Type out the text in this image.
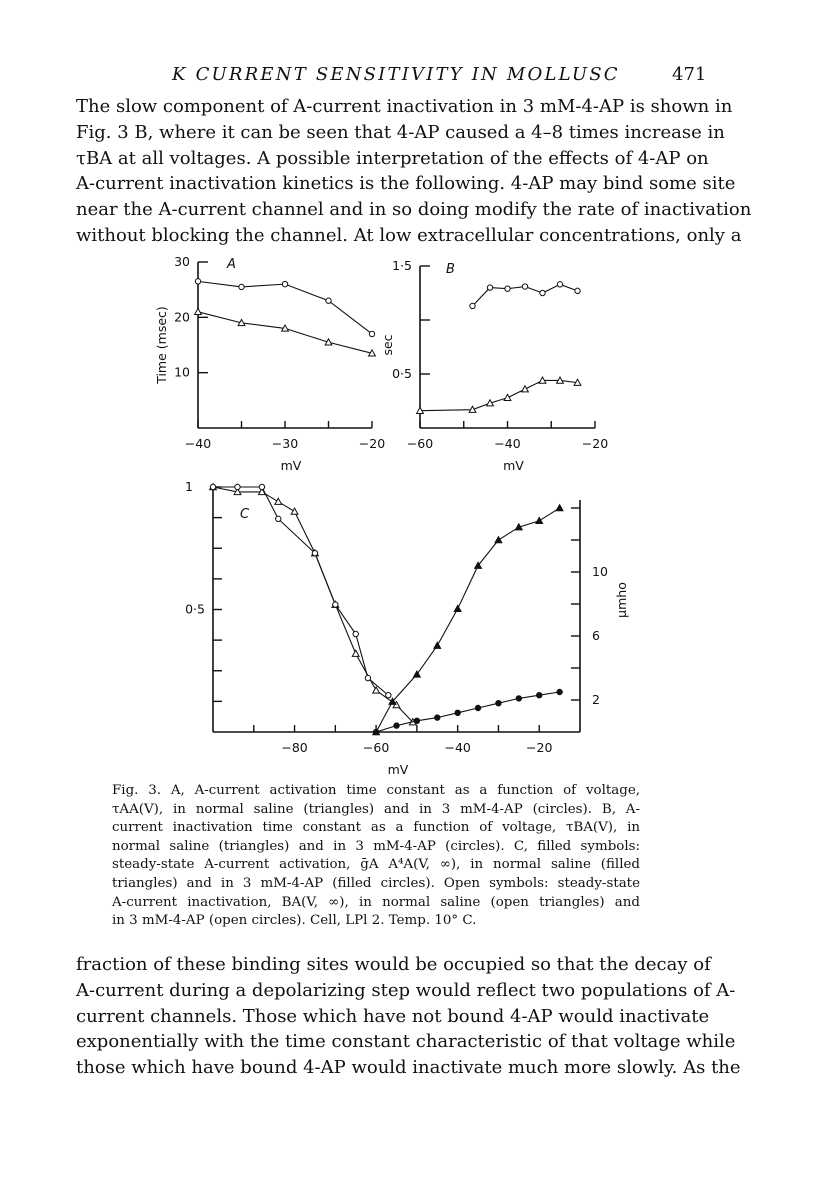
K CURRENT SENSITIVITY IN MOLLUSC	471
The slow component of A-current inactivation in 3 mM-4-AP is shown in
Fig. 3 B, where it can be seen that 4-AP caused a 4–8 times increase in
τBA at all voltages. A possible interpretation of the effects of 4-AP on
A-current inactivation kinetics is the following. 4-AP may bind some site
near the A-current channel and in so doing modify the rate of inactivation
without blocking the channel. At low extracellular concentrations, only a
−40	−30	−20
mV
10
20
30	A
Time (msec)
−60	−40	−20
mV
0·5
1·5	B
sec
−80	−60	−40	−20
mV
0·5
1
2
6
10
μmho
C
Fig. 3. A, A-current activation time constant as a function of voltage,
τAA(V), in normal saline (triangles) and in 3 mM-4-AP (circles). B, A-
current inactivation time constant as a function of voltage, τBA(V), in
normal saline (triangles) and in 3 mM-4-AP (circles). C, filled symbols:
steady-state A-current activation, ḡA A⁴A(V, ∞), in normal saline (filled
triangles) and in 3 mM-4-AP (filled circles). Open symbols: steady-state
A-current inactivation, BA(V, ∞), in normal saline (open triangles) and
in 3 mM-4-AP (open circles). Cell, LPl 2. Temp. 10° C.
fraction of these binding sites would be occupied so that the decay of
A-current during a depolarizing step would reflect two populations of A-
current channels. Those which have not bound 4-AP would inactivate
exponentially with the time constant characteristic of that voltage while
those which have bound 4-AP would inactivate much more slowly. As the
